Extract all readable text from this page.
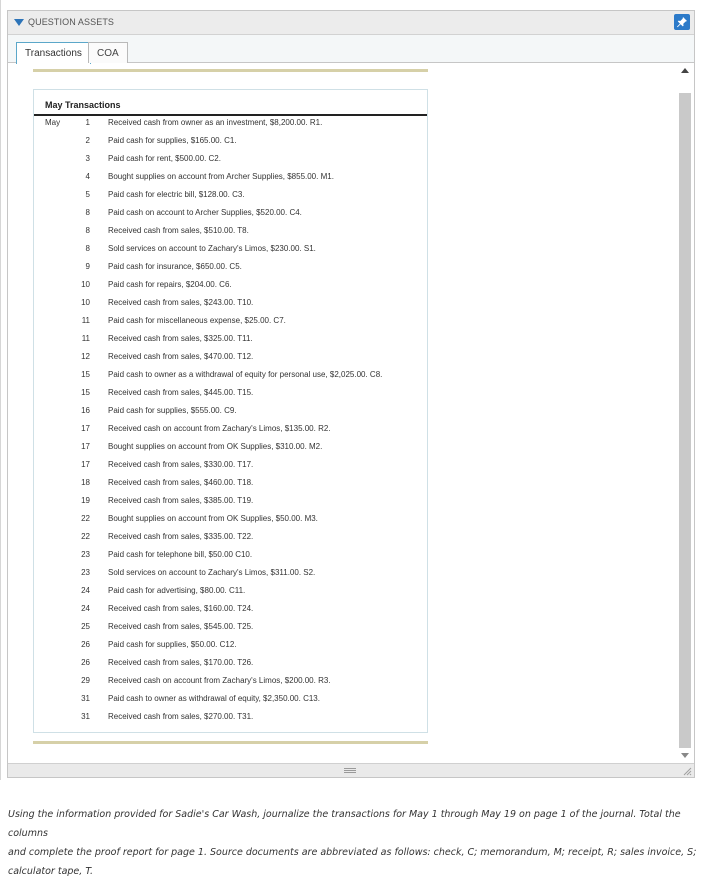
QUESTION ASSETS
Transactions	COA
May Transactions
May	1 Received cash from owner as an investment, $8,200.00. R1.
2 Paid cash for supplies, $165.00. C1.
3 Paid cash for rent, $500.00. C2.
4 Bought supplies on account from Archer Supplies, $855.00. M1.
5 Paid cash for electric bill, $128.00. C3.
8 Paid cash on account to Archer Supplies, $520.00. C4.
8 Received cash from sales, $510.00. T8.
8 Sold services on account to Zachary's Limos, $230.00. S1.
9 Paid cash for insurance, $650.00. C5.
10 Paid cash for repairs, $204.00. C6.
10 Received cash from sales, $243.00. T10.
11 Paid cash for miscellaneous expense, $25.00. C7.
11 Received cash from sales, $325.00. T11.
12 Received cash from sales, $470.00. T12.
15 Paid cash to owner as a withdrawal of equity for personal use, $2,025.00. C8.
15 Received cash from sales, $445.00. T15.
16 Paid cash for supplies, $555.00. C9.
17 Received cash on account from Zachary's Limos, $135.00. R2.
17 Bought supplies on account from OK Supplies, $310.00. M2.
17 Received cash from sales, $330.00. T17.
18 Received cash from sales, $460.00. T18.
19 Received cash from sales, $385.00. T19.
22 Bought supplies on account from OK Supplies, $50.00. M3.
22 Received cash from sales, $335.00. T22.
23 Paid cash for telephone bill, $50.00 C10.
23 Sold services on account to Zachary's Limos, $311.00. S2.
24 Paid cash for advertising, $80.00. C11.
24 Received cash from sales, $160.00. T24.
25 Received cash from sales, $545.00. T25.
26 Paid cash for supplies, $50.00. C12.
26 Received cash from sales, $170.00. T26.
29 Received cash on account from Zachary's Limos, $200.00. R3.
31 Paid cash to owner as withdrawal of equity, $2,350.00. C13.
31 Received cash from sales, $270.00. T31.
Using the information provided for Sadie's Car Wash, journalize the transactions for May 1 through May 19 on page 1 of the journal. Total the columns
and complete the proof report for page 1. Source documents are abbreviated as follows: check, C; memorandum, M; receipt, R; sales invoice, S;
calculator tape, T.
